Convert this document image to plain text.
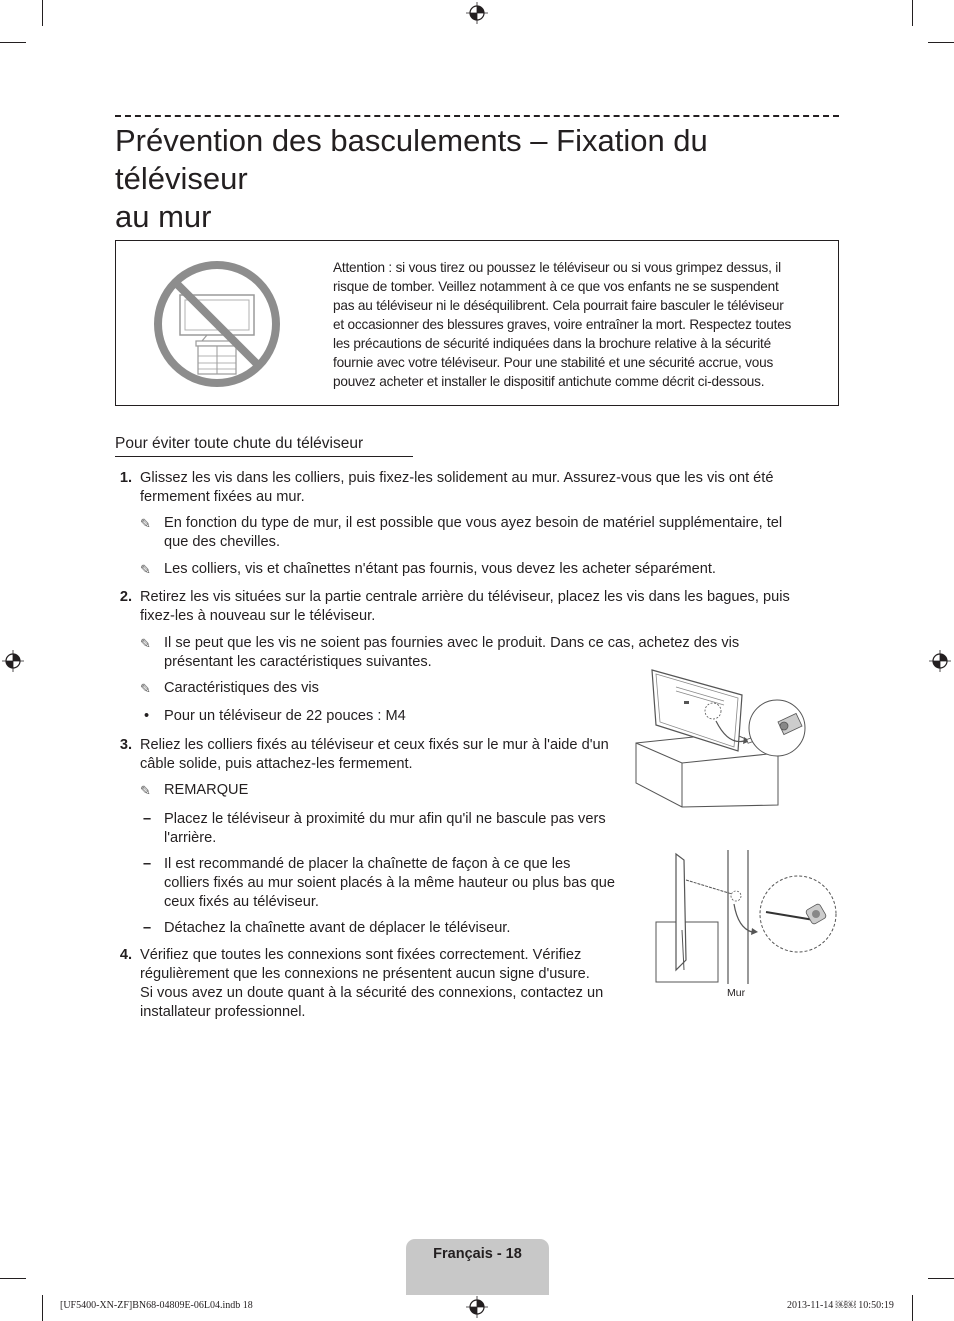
Prévention des basculements – Fixation du téléviseur
au mur
Attention : si vous tirez ou poussez le téléviseur ou si vous grimpez dessus, il
risque de tomber. Veillez notamment à ce que vos enfants ne se suspendent
pas au téléviseur ni le déséquilibrent. Cela pourrait faire basculer le téléviseur
et occasionner des blessures graves, voire entraîner la mort. Respectez toutes
les précautions de sécurité indiquées dans la brochure relative à la sécurité
fournie avec votre téléviseur. Pour une stabilité et une sécurité accrue, vous
pouvez acheter et installer le dispositif antichute comme décrit ci-dessous.
Pour éviter toute chute du téléviseur
1. Glissez les vis dans les colliers, puis fixez-les solidement au mur. Assurez-vous que les vis ont été
fermement fixées au mur.
✎ En fonction du type de mur, il est possible que vous ayez besoin de matériel supplémentaire, tel
que des chevilles.
✎ Les colliers, vis et chaînettes n'étant pas fournis, vous devez les acheter séparément.
2. Retirez les vis situées sur la partie centrale arrière du téléviseur, placez les vis dans les bagues, puis
fixez-les à nouveau sur le téléviseur.
✎ Il se peut que les vis ne soient pas fournies avec le produit. Dans ce cas, achetez des vis
présentant les caractéristiques suivantes.
✎ Caractéristiques des vis
• Pour un téléviseur de 22 pouces : M4
3. Reliez les colliers fixés au téléviseur et ceux fixés sur le mur à l'aide d'un
câble solide, puis attachez-les fermement.
✎ REMARQUE
– Placez le téléviseur à proximité du mur afin qu'il ne bascule pas vers
l'arrière.
– Il est recommandé de placer la chaînette de façon à ce que les
colliers fixés au mur soient placés à la même hauteur ou plus bas que
ceux fixés au téléviseur.
– Détachez la chaînette avant de déplacer le téléviseur.
4. Vérifiez que toutes les connexions sont fixées correctement. Vérifiez
régulièrement que les connexions ne présentent aucun signe d'usure.
Si vous avez un doute quant à la sécurité des connexions, contactez un
installateur professionnel.
Mur
Français - 18
[UF5400-XN-ZF]BN68-04809E-06L04.indb 18	2013-11-14 ￼￼ 10:50:19
